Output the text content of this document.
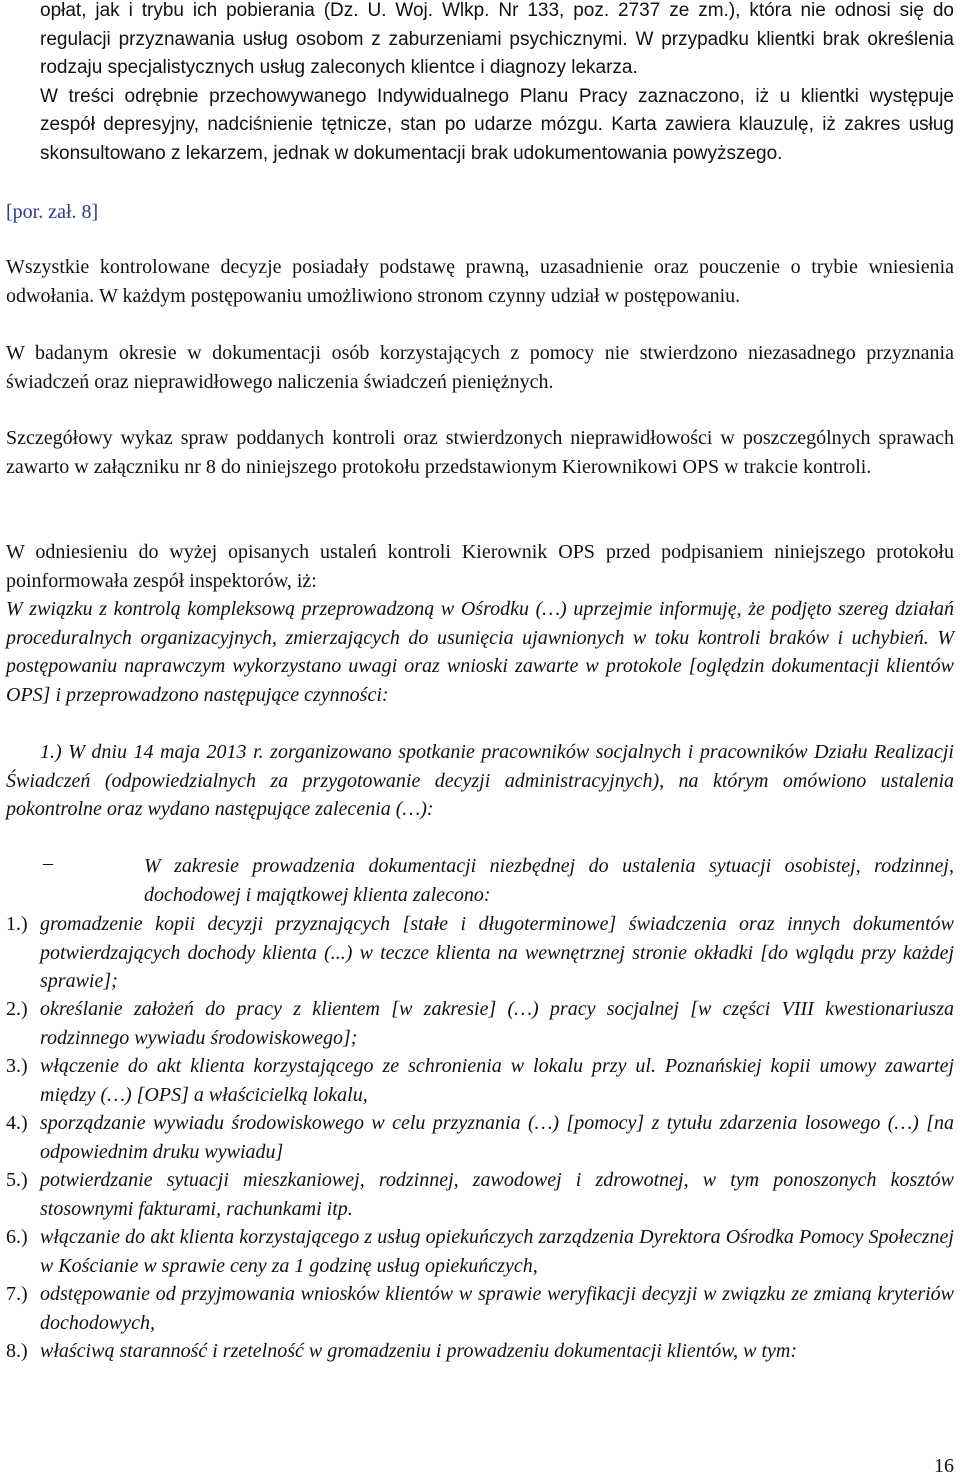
opłat, jak i trybu ich pobierania (Dz. U. Woj. Wlkp. Nr 133, poz. 2737 ze zm.), która nie odnosi się do regulacji przyznawania usług osobom z zaburzeniami psychicznymi. W przypadku klientki brak określenia rodzaju specjalistycznych usług zaleconych klientce i diagnozy lekarza.

W treści odrębnie przechowywanego Indywidualnego Planu Pracy zaznaczono, iż u klientki występuje zespół depresyjny, nadciśnienie tętnicze, stan po udarze mózgu. Karta zawiera klauzulę, iż zakres usług skonsultowano z lekarzem, jednak w dokumentacji brak udokumentowania powyższego.

[por. zał. 8]

Wszystkie kontrolowane decyzje posiadały podstawę prawną, uzasadnienie oraz pouczenie o trybie wniesienia odwołania. W każdym postępowaniu umożliwiono stronom czynny udział w postępowaniu.

W badanym okresie w dokumentacji osób korzystających z pomocy nie stwierdzono niezasadnego przyznania świadczeń oraz nieprawidłowego naliczenia świadczeń pieniężnych.

Szczegółowy wykaz spraw poddanych kontroli oraz stwierdzonych nieprawidłowości w poszczególnych sprawach zawarto w załączniku nr 8 do niniejszego protokołu przedstawionym Kierownikowi OPS w trakcie kontroli.

W odniesieniu do wyżej opisanych ustaleń kontroli Kierownik OPS przed podpisaniem niniejszego protokołu poinformowała zespół inspektorów, iż:

W związku z kontrolą kompleksową przeprowadzoną w Ośrodku (…) uprzejmie informuję, że podjęto szereg działań proceduralnych organizacyjnych, zmierzających do usunięcia ujawnionych w toku kontroli braków i uchybień. W postępowaniu naprawczym wykorzystano uwagi oraz wnioski zawarte w protokole [oględzin dokumentacji klientów OPS] i przeprowadzono następujące czynności:

1.) W dniu 14 maja 2013 r. zorganizowano spotkanie pracowników socjalnych i pracowników Działu Realizacji Świadczeń (odpowiedzialnych za przygotowanie decyzji administracyjnych), na którym omówiono ustalenia pokontrolne oraz wydano następujące zalecenia (…):

–	W zakresie prowadzenia dokumentacji niezbędnej do ustalenia sytuacji osobistej, rodzinnej, dochodowej i majątkowej klienta zalecono:

1.) gromadzenie kopii decyzji przyznających [stałe i długoterminowe] świadczenia oraz innych dokumentów potwierdzających dochody klienta (...) w teczce klienta na wewnętrznej stronie okładki [do wglądu przy każdej sprawie];

2.) określanie założeń do pracy z klientem [w zakresie] (…) pracy socjalnej [w części VIII kwestionariusza rodzinnego wywiadu środowiskowego];

3.) włączenie do akt klienta korzystającego ze schronienia w lokalu przy ul. Poznańskiej kopii umowy zawartej między (…) [OPS] a właścicielką lokalu,

4.) sporządzanie wywiadu środowiskowego w celu przyznania (…) [pomocy] z tytułu zdarzenia losowego (…) [na odpowiednim druku wywiadu]

5.) potwierdzanie sytuacji mieszkaniowej, rodzinnej, zawodowej i zdrowotnej, w tym ponoszonych kosztów stosownymi fakturami, rachunkami itp.

6.) włączanie do akt klienta korzystającego z usług opiekuńczych zarządzenia Dyrektora Ośrodka Pomocy Społecznej w Kościanie w sprawie ceny za 1 godzinę usług opiekuńczych,

7.) odstępowanie od przyjmowania wniosków klientów w sprawie weryfikacji decyzji w związku ze zmianą kryteriów dochodowych,

8.) właściwą staranność i rzetelność w gromadzeniu i prowadzeniu dokumentacji klientów, w tym:

16
